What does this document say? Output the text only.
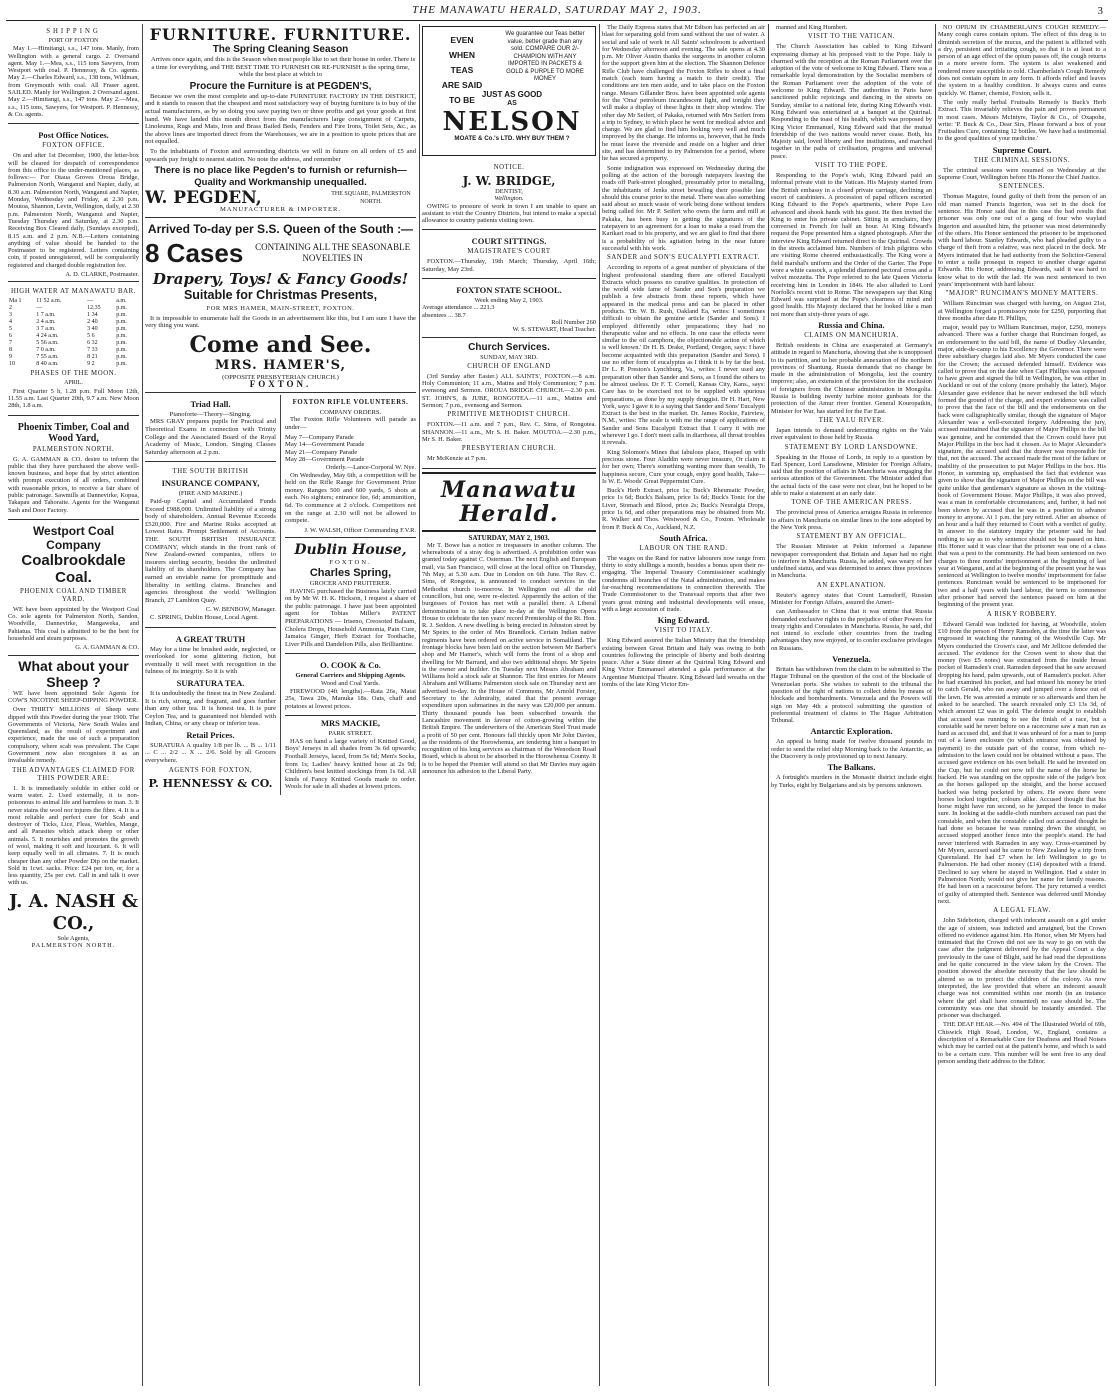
THE MANAWATU HERALD, SATURDAY MAY 2, 1903.	3
SHIPPING
PORT OF FOXTON

May 1.—Himitangi, s.s., 147 tons. Manly, from Wellington with a general cargo. 2. Oversand agent. May 1.—Mea, s.s., 115 tons Sawyers, from Westport with coal. P. Hennessy, & Co. agents. May 2.—Charles Edward, s.s., 138 tons, Wildman, from Greymouth with coal. All Fraser agent. SAILED. Manly for Wellington. 2 Oversand agent. May 2.—Himitangi, s.s., 147 tons. May 2.—Mea, s.s., 115 tons, Sawyers, for Westport. P. Hennessy, & Co. agents.

Post Office Notices.
FOXTON OFFICE.

On and after 1st December, 1900, the letter-box will be cleared for despatch of correspondence from this office to the under-mentioned places, as follows:— For Otaua Groves Oroua Bridge, Palmerston North, Wanganui and Napier, daily, at 8.30 a.m. Palmerston North, Wanganui and Napier, Monday, Wednesday and Friday, at 2.30 p.m. Moutoa, Shannon, Levin, Wellington, daily, at 2.30 p.m. Palmerston North, Wanganui and Napier, Tuesday Thursday and Saturday, at 2.30 p.m. Receiving Box Cleared daily, (Sundays excepted), 8.15 a.m. and 2 p.m. N.B.—Letters containing anything of value should be handed to the Postmaster to be registered. Letters containing coin, if posted unregistered, will be compulsorily registered and charged double registration fee.

A. D. CLARKE, Postmaster.
HIGH WATER AT MANAWATU BAR.
Ma 1	11 52 a.m.	—	a.m.
2	—	12.35	p.m.
3	1 7 a.m.	1 34	p.m.
4	2 4 a.m.	2 40	p.m.
5	3 7 a.m.	3 40	p.m.
6	4 24 a.m.	5 6	p.m.
7	5 56 a.m.	6 32	p.m.
8	7 0 a.m.	7 33	p.m.
9	7 55 a.m.	8 21	p.m.
10	8 40 a.m.	9 2	p.m.
PHASES OF THE MOON.
APRIL.

First Quarter 5 h, 1.28 p.m. Full Moon 12th, 11.55 a.m. Last Quarter 20th, 9.7 a.m. New Moon 28th, 1.8 a.m.

Phoenix Timber, Coal and Wood Yard,
PALMERSTON NORTH.

G. A. GAMMAN & CO. desire to inform the public that they have purchased the above well-known business, and hope that by strict attention with prompt execution of all orders, combined with reasonable prices, to receive a fair share of public patronage. Sawmills at Dannevirke, Kopua, Takapau and Tahoraite. Agents for the Wanganui Sash and Door Factory.

Westport Coal Company
Coalbrookdale Coal.
PHOENIX COAL AND TIMBER YARD.

WE have been appointed by the Westport Coal Co. sole agents for Palmerston North, Sandon, Woodville, Dannevirke, Mangaweka, and Pahiatua. This coal is admitted to be the best for household and steam purposes.

G. A. GAMMAN & CO.
What about your Sheep ?

WE have been appointed Sole Agents for COW'S NICOTINE SHEEP-DIPPING POWDER.

Over THIRTY MILLIONS of Sheep were dipped with this Powder during the year 1900. The Governments of Victoria, New South Wales and Queensland, as the result of experiment and experience, made the use of such a preparation compulsory, where scab was prevalent. The Cape Government now also recognises it as an invaluable remedy.

THE ADVANTAGES CLAIMED FOR THIS POWDER ARE:

1. It is immediately soluble in either cold or warm water. 2. Used externally, it is non-poisonous to animal life and harmless to man. 3. It never stains the wool nor injures the fibre. 4. It is a most reliable and perfect cure for Scab and destroyer of Ticks, Lice, Fleas, Warbles, Mange, and all Parasites which attack sheep or other animals. 5. It nourishes and promotes the growth of wool, making it soft and luxuriant. 6. It will keep equally well in all climates. 7. It is much cheaper than any other Powder Dip on the market. Sold in 1cwt. sacks. Price: £24 per ton, or, for a less quantity, 25s per cwt. Call in and talk it over with us.

J. A. NASH & CO.,
Sole Agents,
PALMERSTON NORTH.
FURNITURE. FURNITURE.
The Spring Cleaning Season

Arrives once again, and this is the Season when most people like to set their house in order. There is a time for everything, and THE BEST TIME TO FURNISH OR RE-FURNISH is the spring time, while the best place at which to

Procure the Furniture is at PEGDEN'S,

Because we own the most complete and up-to-date FURNITURE FACTORY IN THE DISTRICT, and it stands to reason that the cheapest and most satisfactory way of buying furniture is to buy of the actual manufacturers, as by so doing you save paying two or three profits and get your goods at first hand. We have landed this month direct from the manufacturers large consignment of Carpets, Linoleums, Rugs and Mats, Iron and Brass Bailed Beds, Fenders and Fire Irons, Toilet Sets, &c., as the above lines are imported direct from the Warehouses, we are in a position to quote prices that are not equalled.

To the inhabitants of Foxton and surrounding districts we will in future on all orders of £5 and upwards pay freight to nearest station. No note the address, and remember

There is no place like Pegden's to furnish or refurnish—Quality and Workmanship unequalled.
W. PEGDEN,	THE SQUARE, PALMERSTON NORTH.
MANUFACTURER & IMPORTER.
Arrived To-day per S.S. Queen of the South :—
8 Cases	CONTAINING ALL THE SEASONABLE NOVELTIES IN
Drapery, Toys! & Fancy Goods!
Suitable for Christmas Presents,
FOR MRS HAMER, MAIN-STREET, FOXTON.

It is impossible to enumerate half the Goods in an advertisement like this, but I am sure I have the very thing you want.

Come and See.
MRS. HAMER'S,
(OPPOSITE PRESBYTERIAN CHURCH.)
FOXTON.
Triad Hall.
Pianoforte—Theory—Singing.

MRS GRAY prepares pupils for Practical and Theoretical Exams in connection with Trinity College and the Associated Board of the Royal Academy of Music, London. Singing Classes Saturday afternoon at 2 p.m.

THE SOUTH BRITISH
INSURANCE COMPANY,
(FIRE AND MARINE.)

Paid-up Capital and Accumulated Funds Exceed £988,000. Unlimited liability of a strong body of shareholders. Annual Revenue Exceeds £520,000. Fire and Marine Risks accepted at Lowest Rates. Prompt Settlement of Accounts. THE SOUTH BRITISH INSURANCE COMPANY, which stands in the front rank of New Zealand-owned companies, offers to insurers sterling security, besides the unlimited liability of its shareholders. The Company has earned an enviable name for promptitude and liberality in settling claims. Branches and agencies throughout the world. Wellington Branch, 27 Lambton Quay.

C. W. BENBOW, Manager.

C. SPRING, Dublin House, Local Agent.

A GREAT TRUTH

May for a time be brushed aside, neglected, or overlooked for some glittering fiction, but eventually it will meet with recognition in the fulness of its integrity. So it is with

SURATURA TEA.

It is undoubtedly the finest tea in New Zealand. It is rich, strong, and fragrant, and goes further than any other tea. It is honest tea. It is pure Ceylon Tea, and is guaranteed not blended with Indian, China, or any cheap or inferior teas.

Retail Prices.

SURATURA A quality 1/8 per lb. ... B ... 1/11 ... C ... 2/2 ... X ... 2/6. Sold by all Grocers everywhere.

AGENTS FOR FOXTON,
P. HENNESSY & CO.
FOXTON RIFLE VOLUNTEERS.
COMPANY ORDERS.

The Foxton Rifle Volunteers will parade as under—

May 7—Company Parade
May 14—Government Parade
May 21—Company Parade
May 28—Government Parade
Orderly.—Lance-Corporal W. Nye.

On Wednesday, May 6th, a competition will be held on the Rifle Range for Government Prize money. Ranges 500 and 600 yards, 5 shots at each. No sighters; entrance fee, 6d; ammunition, 6d. To commence at 2 o'clock. Competitors not on the range at 2.30 will not be allowed to compete.

J. W. WALSH, Officer Commanding F.V.R.
Dublin House,
FOXTON.
Charles Spring,
GROCER AND FRUITERER.

HAVING purchased the Business lately carried on by Mr W. H. K. Hickson, I request a share of the public patronage. I have just been appointed agent for Tobias Miller's PATENT PREPARATIONS — Iriseno, Creosoted Balsam, Cholera Drops, Household Ammonia, Pain Cure, Jamaica Ginger, Herb Extract for Toothache, Liver Pills and Dandelion Pills, also Brilliantine.

O. COOK & Co.
General Carriers and Shipping Agents.
Wood and Coal Yards.

FIREWOOD (4ft lengths).—Rata 26s, Matai 25s, Tawa 20s, Manuka 18s. Oats, chaff and potatoes at lowest prices.

MRS MACKIE,
PARK STREET.

HAS on hand a large variety of Knitted Good, Boys' Jerseys in all shades from 3s 6d upwards; Football Jerseys, laced, from 5s 6d; Men's Socks, from 1s; Ladies' heavy knitted hose at 2s 9d; Children's best knitted stockings from 1s 6d. All kinds of Fancy Knitted Goods made to order. Wools for sale in all shades at lowest prices.

EVEN
WHEN
TEAS
ARE SAID
TO BE
We guarantee our Teas better value, better grade than any sold. COMPARE OUR 2/- CHAMPION WITH ANY IMPORTED IN PACKETS & GOLD & PURPLE TO MORE MONEY
JUST AS GOOD
AS
NELSON
MOATE & Co.'s LTD. WHY BUY THEM ?
NOTICE.
J. W. BRIDGE,
DENTIST,
Wellington.

OWING to pressure of work in town I am unable to spare an assistant to visit the Country Districts, but intend to make a special allowance to country patients visiting town.

COURT SITTINGS.
MAGISTRATE'S COURT

FOXTON.—Thursday, 19th March; Thursday, April 16th; Saturday, May 23rd.

FOXTON STATE SCHOOL.
Week ending May 2, 1903.
Average attendance ... 221.3
absentees ... 38.7
Roll Number 260
W. S. STEWART, Head Teacher.
Church Services.
SUNDAY, MAY 3RD.
CHURCH OF ENGLAND

(3rd Sunday after Easter.) ALL SAINTS', FOXTON.—8 a.m. Holy Communion; 11 a.m., Matins and Holy Communion; 7 p.m. evensong and Sermon. OROUA BRIDGE CHURCH.—2.30 p.m. ST. JOHN'S, & JUBE, RONGOTEA.—11 a.m., Matins and Sermon; 7 p.m., evensong and Sermon.

PRIMITIVE METHODIST CHURCH.

FOXTON.—11 a.m. and 7 p.m., Rev. C. Sims, of Rongotea. SHANNON.—11 a.m., Mr S. H. Baker. MOUTOA.—2.30 p.m., Mr S. H. Baker.

PRESBYTERIAN CHURCH.

Mr McKenzie at 7 p.m.

Manawatu Herald.
SATURDAY, MAY 2, 1903.

Mr T. Bowe has a notice re trespassers in another column. The whereabouts of a stray dog is advertised. A prohibition order was granted today against C. Osterman. The next English and European mail, via San Francisco, will close at the local office on Thursday, 7th May, at 5.30 a.m. Due in London on 6th June. The Rev. C. Sims, of Rongotea, is announced to conduct services in the Methodist church to-morrow. In Wellington out all the old councillors, but one, were re-elected. Apparently the action of the burgesses of Foxton has met with a parallel there. A Liberal demonstration is to take place to-day at the Wellington Opera House to celebrate the ten years' record Premiership of the Rt. Hon. R. J. Seddon. A new dwelling is being erected in Johnston street by Mr Speirs to the order of Mrs Brandlock. Certain Indian native regiments have been ordered on active service in Somaliland. The frontage blocks have been laid on the section between Mr Barber's shop and Mr Hamer's, which will form the front of a shop and dwelling for Mr Barrand, and also two additional shops. Mr Speirs is the owner and builder. On Tuesday next Messrs Abraham and Williams hold a stock sale at Shannon. The first entries for Messrs Abraham and Williams Palmerston stock sale on Thursday next are advertised to-day. In the House of Commons, Mr Arnold Forster, Secretary to the Admiralty, stated that the present average expenditure upon submarines in the navy was £20,000 per annum. Thirty thousand pounds has been subscribed towards the Lancashire movement in favour of cotton-growing within the British Empire. The underwriters of the American Steel Trust made a profit of 50 per cent. Honours fall thickly upon Mr John Davies, as the residents of the Horowhenua, are tendering him a banquet in recognition of his long services as chairman of the Wenodson Road Board, which is about to be absorbed in the Horowhenua County. It is to be hoped the Premier will attend so that Mr Davies may again announce his adhesion to the Liberal Party.

The Daily Express states that Mr Edison has perfected an air blast for separating gold from sand without the use of water. A social and sale of work in All Saints' schoolroom is advertised for Wednesday afternoon and evening. The sale opens at 4.30 p.m. Mr Oliver Austin thanks the surgeons in another column for the support given him at the election. The Shannon Defence Rifle Club have challenged the Foxton Rifles to shoot a final match (each team having a match to their credit). The conditions are ten men aside, and to take place on the Foxton range. Messrs Gillander Bros. have been appointed sole agents for the 'Orsa' petroleum incandescent light, and tonight they will make a display of these lights in their shop window. The other day Mr Seifert, of Pakaka, returned with Mrs Seifert from a trip to Sydney, to which place he went for medical advice and change. We are glad to find him looking very well and much improved by the change. He informs us, however, that he finds he must leave the riverside and reside on a higher and drier site, and has determined to try Palmerston for a period, where he has secured a property.

Some indignation was expressed on Wednesday during the polling at the action of the borough ratepayers leaving the roads off Park-street ploughed, presumably prior to metalling, the inhabitants of Jenks street bewailing their possible fate should this course prior to the metal. There was also something said about so much waste of work being done without tenders being called for. Mr P. Seifert who owns the farm and mill at Pakaka, has been busy in getting the signatures of the ratepayers to an agreement for a loan to make a road from the Karikari road to his property, and we are glad to find that there is a probability of his agitation being in the near future successful with his work.

SANDER and SON'S EUCALYPTI EXTRACT.

According to reports of a great number of physicians of the highest professional standing there are offered Eucalypti Extracts which possess no curative qualities. In protection of the world wide fame of Sander and Son's preparation we publish a few abstracts from these reports, which have appeared in the medical press and can be placed in other products. 'Dr. W. B. Rush, Oakland Ea, writes: I sometimes difficult to obtain the genuine article (Sander and Sons). I employed differently other preparations; they had no therapeutic value and no effects. In one case the effects were similar to the oil camphora, the objectionable action of which is well known.' Dr H. B. Drake, Portland, Oregon, says: I have become acquainted with this preparation (Sander and Sons). I use no other form of eucalyptus as I think it is by far the best. Dr L. P. Preston's Lynchburg, Va., writes: I never used any preparation other than Sander and Sons, as I found the others to be almost useless. Dr F. T. Cornell, Kansas City, Kans., says: Care has to be exercised not to be supplied with spurious preparations, as done by my supply druggist. Dr H. Hart, New York, says: I gave it to a saying that Sander and Sons' Eucalypti Extract is the best in the market. Dr. James Rockie, Fairview, N.M., writes: The scale is with me the range of applications of Sander and Sons Eucalypti Extract that I carry it with me wherever I go. I don't meet calls in diarrhoea, all throat troubles it reveals.

King Solomon's Mines that fabulous place, Heaped up with precious stone. Four Aladdin were never treasure, Or claim it for her own; There's something wanting more than wealth, To happiness secure, Cure your cough, enjoy good health, Take— Is W. E. Woods' Great Peppermint Cure.

Buck's Herb Extract, price 1s; Buck's Rheumatic Powder, price 1s 6d; Buck's Balsam, price 1s 6d; Buck's Tonic for the Liver, Stomach and Blood, price 2s; Buck's Neuralgia Drops, price 1s 6d, and other preparations may be obtained from Mr. R. Walker and Thos. Westwood & Co., Foxton. Wholesale from P. Buck & Co., Auckland, N.Z.

South Africa.
LABOUR ON THE RAND.

The wages on the Rand for native labourers now range from thirty to sixty shillings a month, besides a bonus upon their re-engaging. The Imperial Treasury Commissioner scathingly condemns all branches of the Natal administration, and makes far-reaching recommendations in connection therewith. The Trade Commissioner to the Transvaal reports that after two years great mining and industrial developments will ensue, with a large accession of trade.

King Edward.
VISIT TO ITALY.

King Edward assured the Italian Ministry that the friendship existing between Great Britain and Italy was owing to both countries following the principle of liberty and both desiring peace. After a State dinner at the Quirinal King Edward and King Victor Emmanuel attended a gala performance at the Argentine Municipal Theatre. King Edward laid wreaths on the tombs of the late King Victor Em-

manned and King Humbert.

VISIT TO THE VATICAN.

The Church Association has cabled to King Edward expressing dismay at his proposed visit to the Pope. Italy is charmed with the reception at the Roman Parliament over the adoption of the vote of welcome to King Edward. There was a remarkable loyal demonstration by the Socialist members of the Roman Parliament over the adoption of the vote of welcome to King Edward. The authorities in Paris have sanctioned public rejoicings and dancing in the streets on Sunday, similar to a national fete, during King Edward's visit. King Edward was entertained at a banquet at the Quirinal. Responding to the toast of his health, which was proposed by King Victor Emmanuel, King Edward said that the mutual friendship of the two nations would never cease. Both, his Majesty said, loved liberty and free institutions, and marched together in the paths of civilisation, progress and universal peace.

VISIT TO THE POPE.

Responding to the Pope's wish, King Edward paid an informal private visit to the Vatican. His Majesty started from the British embassy in a closed private carriage, declining an escort of carabiniers. A procession of papal officers escorted King Edward to the Pope's apartments, where Pope Leo advanced and shook hands with his guest. He then invited the King to enter his private cabinet. Sitting in armchairs, they conversed in French for half an hour. At King Edward's request the Pope presented him a signed photograph. After the interview King Edward returned direct to the Quirinal. Crowds in the streets acclaimed him. Numbers of Irish pilgrims who are visiting Rome cheered enthusiastically. The King wore a field marshal's uniform and the Order of the Garter. The Pope wore a white cassock, a splendid diamond pectoral cross and a velvet mozzetta. The Pope referred to the late Queen Victoria receiving him in London in 1846. He also alluded to Lord Norfolk's recent visit to Rome. The newspapers say that King Edward was surprised at the Pope's clearness of mind and good health. His Majesty declared that he looked like a man not more than sixty-three years of age.

Russia and China.
CLAIMS ON MANCHURIA.

British residents in China are exasperated at Germany's attitude in regard to Manchuria, showing that she is unopposed to its partition, and to her probable annexation of the northern provinces of Shantung. Russia demands that no change be made in the administration of Mongolia, lest the country improve; also, an extension of the provision for the exclusion of foreigners from the Chinese administration in Mongolia. Russia is building twenty turbine motor gunboats for the protection of the Amur river frontier. General Kouropatkin, Minister for War, has started for the Far East.

THE YALU RIVER.

Japan intends to demand undercutting rights on the Yalu river equivalent to those held by Russia.

STATEMENT BY LORD LANSDOWNE.

Speaking in the House of Lords, in reply to a question by Earl Spencer, Lord Lansdowne, Minister for Foreign Affairs, said that the position of affairs in Manchuria was engaging the serious attention of the Government. The Minister added that the actual facts of the case were not clear, but he hoped to be able to make a statement at an early date.

TONE OF THE AMERICAN PRESS.

The provincial press of America arraigns Russia in reference to affairs in Manchuria on similar lines to the tone adopted by the New York press.

STATEMENT BY AN OFFICIAL.

The Russian Minister at Pekin informed a Japanese newspaper correspondent that Britain and Japan had no right to interfere in Manchuria. Russia, he added, was weary of her undefined status, and was determined to annex three provinces in Manchuria.

AN EXPLANATION.

Reuter's agency states that Count Lamsdorff, Russian Minister for Foreign Affairs, assured the Ameri-

can Ambassador to China that it was untrue that Russia demanded exclusive rights to the prejudice of other Powers for treaty rights and Consulates in Manchuria. Russia, he said, did not intend to exclude other countries from the trading advantages they now enjoyed, or to confer exclusive privileges on Russians.

Venezuela.

Britain has withdrawn from the claim to be submitted to The Hague Tribunal on the question of the cost of the blockade of Venezuelan ports. She wishes to submit to the tribunal the question of the right of nations to collect debts by means of blockade and bombardments. Venezuela and the Powers will sign on May 4th a protocol submitting the question of preferential treatment of claims to The Hague Arbitration Tribunal.

Antarctic Exploration.

An appeal is being made for twelve thousand pounds in order to send the relief ship Morning back to the Antarctic, as the Discovery is only provisioned up to next January.

The Balkans.

A fortnight's murders in the Monastir district include eight by Turks, eight by Bulgarians and six by persons unknown.

NO OPIUM IN CHAMBERLAIN'S COUGH REMEDY.—Many cough cures contain opium. The effect of this drug is to diminish secretion of the mucus, and the patient is afflicted with a dry, persistent and irritating cough, so that it is at least to a person of an age effect of the opium passes off, the cough returns in a more severe form. The system is also weakened and rendered more susceptible to cold. Chamberlain's Cough Remedy does not contain opium in any form. It affords relief and leaves the system in a healthy condition. It always cures and cures quickly. W. Hamer, chemist, Foxton, sells it.

The only really herbal Fruitsalts Remedy is Buck's Herb Extract. This invariably relieves the pain and proves permanent in most cases. Messrs McIntyre, Taylor & Co., of Oxapohe, write: 'P. Buck & Co., Dear Sirs, Please forward a box of your Fruitsaltes Cure, containing 12 bottles. We have had a testimonial to the good qualities of your medicine.'

Supreme Court.
THE CRIMINAL SESSIONS.

The criminal sessions were resumed on Wednesday at the Supreme Court, Wellington before His Honor the Chief Justice.

SENTENCES.

Thomas Maguire, found guilty of theft from the person of an old man named Francis Ingerton, was set in the dock for sentence. His Honor said that in this case the bad results that prisoner was only one out of a gang of four who waylaid Ingerton and assaulted him, the prisoner was most determinedly of the others. His Honor sentenced the prisoner to be imprisoned with hard labour. Stanley Edwards, who had pleaded guilty to a charge of theft from a relative, was next placed in the dock. Mr Myers intimated that he had authority from the Solicitor-General to enter a nolle prosequi in respect to another charge against Edwards. His Honor, addressing Edwards, said it was hard to know what to do with the lad. He was next sentenced to two years' imprisonment with hard labour.

"MAJOR" RUNCIMAN'S MONEY MATTERS.

William Runciman was charged with having, on August 21st, at Wellington forged a promissory note for £250, purporting that three months after date H. Phillips,

major, would pay to William Runciman, major, £250, moneys advanced. There was a further charge that Runciman forged, as an endorsement to the said bill, the name of Dudley Alexander, major, aide-de-camp to his Excellency the Governor. There were three subsidiary charges laid also. Mr Myers conducted the case for the Crown; the accused defended himself. Evidence was called to prove that on the date when Capt Phillips was supposed to have given and signed the bill in Wellington, he was either in Auckland or out of the colony (more probably the latter). Major Alexander gave evidence that he never endorsed the bill which formed the ground of the charge, and expert evidence was called to prove that the face of the bill and the endorsements on the back were calligraphically similar, though the signature of Major Alexander was a well-executed forgery. Addressing the jury, accused maintained that the signature of Major Phillips to the bill was genuine, and he contended that the Crown could have put Major Phillips in the box had it chosen. As to Major Alexander's signature, the accused said that the drawer was responsible for that, not the accused. The accused made the most of the failure or inability of the prosecution to put Major Phillips in the box. His Honor, in summing up, emphasised the fact that evidence was given to show that the signature of Major Phillips on the bill was quite unlike that gentleman's signature as shown in the visiting-book of Government House. Major Phillips, it was also proved, was a man in comfortable circumstances; and, further, it had not been shown by accused that he was in a position to advance money to anyone. At 1 p.m. the jury retired. After an absence of an hour and a half they returned to Court with a verdict of guilty. In answer to the statutory inquiry the prisoner said he had nothing to say as to why sentence should not be passed on him. His Honor said it was clear that the prisoner was one of a class that was a pest to the community. He had been sentenced on two charges to three months' imprisonment at the beginning of last year at Wanganui, and at the beginning of the present year he was sentenced at Wellington to twelve months' imprisonment for false pretences. Runciman would be sentenced to be imprisoned for two and a half years with hard labour, the term to commence after prisoner had served the sentence passed on him at the beginning of the present year.

A RISKY ROBBERY.

Edward Gerald was indicted for having, at Woodville, stolen £10 from the person of Henry Ramsden, at the time the latter was engrossed in watching the running of the Woodville Cup. Mr Myers conducted the Crown's case, and Mr Jellicoe defended the accused. The evidence for the Crown went to show that the money (two £5 notes) was extracted from the inside breast pocket of Ramsden's coat. Ramsden deposed that he saw accused dropping his hand, palm upwards, out of Ramsden's pocket. After he had examined his pocket, and had missed his money he tried to catch Gerald, who ran away and jumped over a fence out of the lawn. He was arrested a minute or so afterwards and then he asked to be searched. The search revealed only £3 13s 3d, of which amount £2 was in gold. The defence sought to establish that accused was running to see the finish of a race, but a constable said he never before on a racecourse saw a man run as hard as accused did, and that it was unheard of for a man to jump out of a lawn enclosure (to which entrance was obtained by payment) to the outside part of the course, from which re-admission to the lawn could not be obtained without a pass. The accused gave evidence on his own behalf. He said he invested on the Cup, but he could not now tell the name of the horse he backed. He was standing on the opposite side of the judge's box as the horses galloped up the straight, and the horse accused backed was being pocketed by others. He swore there were horses locked together, colours alike. Accused thought that his horse might have run second, so he jumped the fence to make sure. In looking at the saddle-cloth numbers accused ran past the constable, and when the constable called out accused thought he had done so because he was running down the straight, so accused stopped another fence into the people's stand. He had never interfered with Ramsden in any way. Cross-examined by Mr Myers, accused said he came to New Zealand by a trip from Queensland. He had £7 when he left Wellington to go to Palmerston. He had other money (£14) deposited with a friend. Declined to say where he stayed in Wellington. Had a sister in Palmerston North; would not give her name for family reasons. He had been on a racecourse before. The jury returned a verdict of guilty of attempted theft. Sentence was deferred until Monday next.

A LEGAL FLAW.

John Sidebotton, charged with indecent assault on a girl under the age of sixteen, was indicted and arraigned, but the Crown offered no evidence against him. His Honor, when Mr Myers had intimated that the Crown did not see its way to go on with the case after the judgment delivered by the Appeal Court a day previously in the case of Blight, said he had read the depositions and he quite concurred in the view taken by the Crown. The position showed the absolute necessity that the law should be altered so as to protect the children of the colony. As now interpreted, the law provided that where an indecent assault charge was not committed within one month (in an instance where the girl shall have consented) no case should be. The community was one that should be instantly amended. The prisoner was discharged.

THE DEAF HEAR.—No. 494 of The Illustrated World of 69b, Chiswick High Road, London, W., England, contains a description of a Remarkable Cure for Deafness and Head Noises which may be carried out at the patient's home, and which is said to be a certain cure. This number will be sent free to any deaf person sending their address to the Editor.
